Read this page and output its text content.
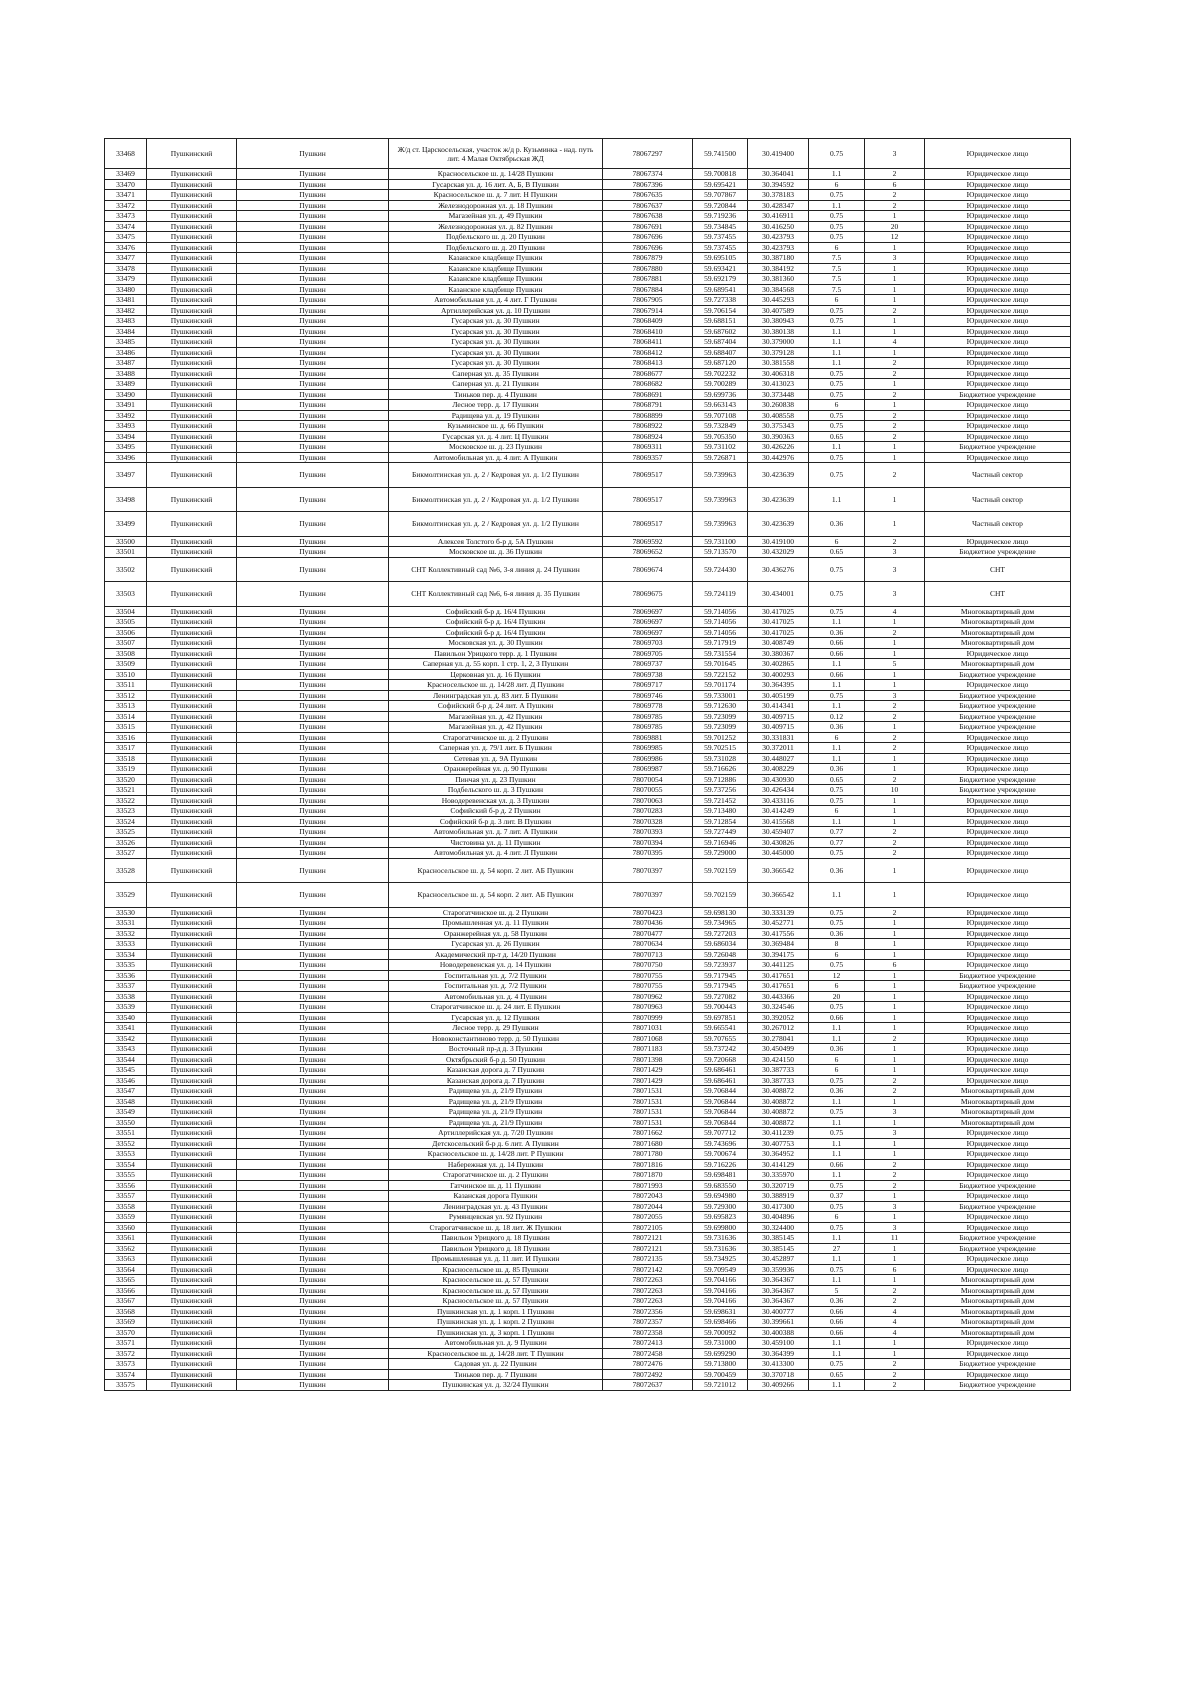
33468	Пушкинский	Пушкин	Ж/д ст. Царскосельская, участок ж/д р. Кузьминка - над. путь лит. 4 Малая Октябрьская ЖД	78067297	59.741500	30.419400	0.75	3	Юридическое лицо
33469	Пушкинский	Пушкин	Красносельское ш. д. 14/28 Пушкин	78067374	59.700818	30.364041	1.1	2	Юридическое лицо
33470	Пушкинский	Пушкин	Гусарская ул. д. 16 лит. А, Б, В Пушкин	78067396	59.695421	30.394592	6	6	Юридическое лицо
33471	Пушкинский	Пушкин	Красносельское ш. д. 7 лит. Н Пушкин	78067635	59.707867	30.378183	0.75	2	Юридическое лицо
33472	Пушкинский	Пушкин	Железнодорожная ул. д. 18 Пушкин	78067637	59.720844	30.428347	1.1	2	Юридическое лицо
33473	Пушкинский	Пушкин	Магазейная ул. д. 49 Пушкин	78067638	59.719236	30.416911	0.75	1	Юридическое лицо
33474	Пушкинский	Пушкин	Железнодорожная ул. д. 82 Пушкин	78067691	59.734845	30.416250	0.75	20	Юридическое лицо
33475	Пушкинский	Пушкин	Подбельского ш. д. 20 Пушкин	78067696	59.737455	30.423793	0.75	12	Юридическое лицо
33476	Пушкинский	Пушкин	Подбельского ш. д. 20 Пушкин	78067696	59.737455	30.423793	6	1	Юридическое лицо
33477	Пушкинский	Пушкин	Казанское кладбище Пушкин	78067879	59.695105	30.387180	7.5	3	Юридическое лицо
33478	Пушкинский	Пушкин	Казанское кладбище Пушкин	78067880	59.693421	30.384192	7.5	1	Юридическое лицо
33479	Пушкинский	Пушкин	Казанское кладбище Пушкин	78067881	59.692179	30.381360	7.5	1	Юридическое лицо
33480	Пушкинский	Пушкин	Казанское кладбище Пушкин	78067884	59.689541	30.384568	7.5	1	Юридическое лицо
33481	Пушкинский	Пушкин	Автомобильная ул. д. 4 лит. Г Пушкин	78067905	59.727338	30.445293	6	1	Юридическое лицо
33482	Пушкинский	Пушкин	Артиллерийская ул. д. 10 Пушкин	78067914	59.706154	30.407589	0.75	2	Юридическое лицо
33483	Пушкинский	Пушкин	Гусарская ул. д. 30 Пушкин	78068409	59.688151	30.380943	0.75	1	Юридическое лицо
33484	Пушкинский	Пушкин	Гусарская ул. д. 30 Пушкин	78068410	59.687602	30.380138	1.1	1	Юридическое лицо
33485	Пушкинский	Пушкин	Гусарская ул. д. 30 Пушкин	78068411	59.687404	30.379000	1.1	4	Юридическое лицо
33486	Пушкинский	Пушкин	Гусарская ул. д. 30 Пушкин	78068412	59.688407	30.379128	1.1	1	Юридическое лицо
33487	Пушкинский	Пушкин	Гусарская ул. д. 30 Пушкин	78068413	59.687120	30.381558	1.1	2	Юридическое лицо
33488	Пушкинский	Пушкин	Саперная ул. д. 35 Пушкин	78068677	59.702232	30.406318	0.75	2	Юридическое лицо
33489	Пушкинский	Пушкин	Саперная ул. д. 21 Пушкин	78068682	59.700289	30.413023	0.75	1	Юридическое лицо
33490	Пушкинский	Пушкин	Тиньков пер. д. 4 Пушкин	78068691	59.699736	30.373448	0.75	2	Бюджетное учреждение
33491	Пушкинский	Пушкин	Лесное терр. д. 17 Пушкин	78068791	59.663143	30.260838	6	1	Юридическое лицо
33492	Пушкинский	Пушкин	Радищева ул. д. 19 Пушкин	78068899	59.707108	30.408558	0.75	2	Юридическое лицо
33493	Пушкинский	Пушкин	Кузьминское ш. д. 66 Пушкин	78068922	59.732849	30.375343	0.75	2	Юридическое лицо
33494	Пушкинский	Пушкин	Гусарская ул. д. 4 лит. Ц Пушкин	78068924	59.705350	30.390363	0.65	2	Юридическое лицо
33495	Пушкинский	Пушкин	Московское ш. д. 23 Пушкин	78069311	59.731102	30.426226	1.1	1	Бюджетное учреждение
33496	Пушкинский	Пушкин	Автомобильная ул. д. 4 лит. А Пушкин	78069357	59.726871	30.442976	0.75	1	Юридическое лицо
33497	Пушкинский	Пушкин	Бикмолтинская ул. д. 2 / Кедровая ул. д. 1/2 Пушкин	78069517	59.739963	30.423639	0.75	2	Частный сектор
33498	Пушкинский	Пушкин	Бикмолтинская ул. д. 2 / Кедровая ул. д. 1/2 Пушкин	78069517	59.739963	30.423639	1.1	1	Частный сектор
33499	Пушкинский	Пушкин	Бикмолтинская ул. д. 2 / Кедровая ул. д. 1/2 Пушкин	78069517	59.739963	30.423639	0.36	1	Частный сектор
33500	Пушкинский	Пушкин	Алексея Толстого б-р д. 5А Пушкин	78069592	59.731100	30.419100	6	2	Юридическое лицо
33501	Пушкинский	Пушкин	Московское ш. д. 36 Пушкин	78069652	59.713570	30.432029	0.65	3	Бюджетное учреждение
33502	Пушкинский	Пушкин	СНТ Коллективный сад №6, 3-я линия д. 24 Пушкин	78069674	59.724430	30.436276	0.75	3	СНТ
33503	Пушкинский	Пушкин	СНТ Коллективный сад №6, 6-я линия д. 35 Пушкин	78069675	59.724119	30.434001	0.75	3	СНТ
33504	Пушкинский	Пушкин	Софийский б-р д. 16/4 Пушкин	78069697	59.714056	30.417025	0.75	4	Многоквартирный дом
33505	Пушкинский	Пушкин	Софийский б-р д. 16/4 Пушкин	78069697	59.714056	30.417025	1.1	1	Многоквартирный дом
33506	Пушкинский	Пушкин	Софийский б-р д. 16/4 Пушкин	78069697	59.714056	30.417025	0.36	2	Многоквартирный дом
33507	Пушкинский	Пушкин	Московская ул. д. 30 Пушкин	78069703	59.717919	30.408749	0.66	1	Многоквартирный дом
33508	Пушкинский	Пушкин	Павильон Урицкого терр. д. 1 Пушкин	78069705	59.731554	30.380367	0.66	1	Юридическое лицо
33509	Пушкинский	Пушкин	Саперная ул. д. 55 корп. 1 стр. 1, 2, 3 Пушкин	78069737	59.701645	30.402865	1.1	5	Многоквартирный дом
33510	Пушкинский	Пушкин	Церковная ул. д. 16 Пушкин	78069738	59.722152	30.400293	0.66	1	Бюджетное учреждение
33511	Пушкинский	Пушкин	Красносельское ш. д. 14/28 лит. Д Пушкин	78069717	59.701174	30.364395	1.1	1	Юридическое лицо
33512	Пушкинский	Пушкин	Ленинградская ул. д. 83 лит. Б Пушкин	78069746	59.733001	30.405199	0.75	3	Бюджетное учреждение
33513	Пушкинский	Пушкин	Софийский б-р д. 24 лит. А Пушкин	78069778	59.712630	30.414341	1.1	2	Бюджетное учреждение
33514	Пушкинский	Пушкин	Магазейная ул. д. 42 Пушкин	78069785	59.723099	30.409715	0.12	2	Бюджетное учреждение
33515	Пушкинский	Пушкин	Магазейная ул. д. 42 Пушкин	78069785	59.723099	30.409715	0.36	1	Бюджетное учреждение
33516	Пушкинский	Пушкин	Старогатчинское ш. д. 2 Пушкин	78069881	59.701252	30.331831	6	2	Юридическое лицо
33517	Пушкинский	Пушкин	Саперная ул. д. 79/1 лит. Б Пушкин	78069985	59.702515	30.372011	1.1	2	Юридическое лицо
33518	Пушкинский	Пушкин	Сетевая ул. д. 9А Пушкин	78069986	59.731028	30.448027	1.1	1	Юридическое лицо
33519	Пушкинский	Пушкин	Оранжерейная ул. д. 90 Пушкин	78069987	59.716626	30.408229	0.36	1	Юридическое лицо
33520	Пушкинский	Пушкин	Пинчая ул. д. 23 Пушкин	78070054	59.712886	30.430930	0.65	2	Бюджетное учреждение
33521	Пушкинский	Пушкин	Подбельского ш. д. 3 Пушкин	78070055	59.737256	30.426434	0.75	10	Бюджетное учреждение
33522	Пушкинский	Пушкин	Новодеревенская ул. д. 3 Пушкин	78070063	59.721452	30.433116	0.75	1	Юридическое лицо
33523	Пушкинский	Пушкин	Софийский б-р д. 2 Пушкин	78070283	59.713480	30.414249	6	1	Юридическое лицо
33524	Пушкинский	Пушкин	Софийский б-р д. 3 лит. В Пушкин	78070328	59.712854	30.415568	1.1	1	Юридическое лицо
33525	Пушкинский	Пушкин	Автомобильная ул. д. 7 лит. А Пушкин	78070393	59.727449	30.459407	0.77	2	Юридическое лицо
33526	Пушкинский	Пушкин	Чистовина ул. д. 11 Пушкин	78070394	59.716946	30.430826	0.77	2	Юридическое лицо
33527	Пушкинский	Пушкин	Автомобильная ул. д. 4 лит. Л Пушкин	78070395	59.729000	30.445000	0.75	2	Юридическое лицо
33528	Пушкинский	Пушкин	Красносельское ш. д. 54 корп. 2 лит. АБ Пушкин	78070397	59.702159	30.366542	0.36	1	Юридическое лицо
33529	Пушкинский	Пушкин	Красносельское ш. д. 54 корп. 2 лит. АБ Пушкин	78070397	59.702159	30.366542	1.1	1	Юридическое лицо
33530	Пушкинский	Пушкин	Старогатчинское ш. д. 2 Пушкин	78070423	59.698130	30.333139	0.75	2	Юридическое лицо
33531	Пушкинский	Пушкин	Промышленная ул. д. 11 Пушкин	78070436	59.734965	30.452771	0.75	1	Юридическое лицо
33532	Пушкинский	Пушкин	Оранжерейная ул. д. 58 Пушкин	78070477	59.727203	30.417556	0.36	1	Юридическое лицо
33533	Пушкинский	Пушкин	Гусарская ул. д. 26 Пушкин	78070634	59.686034	30.369484	8	1	Юридическое лицо
33534	Пушкинский	Пушкин	Академический пр-т д. 14/20 Пушкин	78070713	59.726048	30.394175	6	1	Юридическое лицо
33535	Пушкинский	Пушкин	Новодеревенская ул. д. 14 Пушкин	78070750	59.723937	30.441125	0.75	6	Юридическое лицо
33536	Пушкинский	Пушкин	Госпитальная ул. д. 7/2 Пушкин	78070755	59.717945	30.417651	12	1	Бюджетное учреждение
33537	Пушкинский	Пушкин	Госпитальная ул. д. 7/2 Пушкин	78070755	59.717945	30.417651	6	1	Бюджетное учреждение
33538	Пушкинский	Пушкин	Автомобильная ул. д. 4 Пушкин	78070962	59.727082	30.443366	20	1	Юридическое лицо
33539	Пушкинский	Пушкин	Старогатчинское ш. д. 24 лит. Е Пушкин	78070963	59.700443	30.324546	0.75	1	Юридическое лицо
33540	Пушкинский	Пушкин	Гусарская ул. д. 12 Пушкин	78070999	59.697851	30.392052	0.66	1	Юридическое лицо
33541	Пушкинский	Пушкин	Лесное терр. д. 29 Пушкин	78071031	59.665541	30.267012	1.1	1	Юридическое лицо
33542	Пушкинский	Пушкин	Новоконстантиново терр. д. 50 Пушкин	78071068	59.707655	30.278041	1.1	2	Юридическое лицо
33543	Пушкинский	Пушкин	Восточный пр-д д. 3 Пушкин	78071183	59.737242	30.450499	0.36	1	Юридическое лицо
33544	Пушкинский	Пушкин	Октябрьский б-р д. 50 Пушкин	78071398	59.720668	30.424150	6	1	Юридическое лицо
33545	Пушкинский	Пушкин	Казанская дорога д. 7 Пушкин	78071429	59.686461	30.387733	6	1	Юридическое лицо
33546	Пушкинский	Пушкин	Казанская дорога д. 7 Пушкин	78071429	59.686461	30.387733	0.75	2	Юридическое лицо
33547	Пушкинский	Пушкин	Радищева ул. д. 21/9 Пушкин	78071531	59.706844	30.408872	0.36	2	Многоквартирный дом
33548	Пушкинский	Пушкин	Радищева ул. д. 21/9 Пушкин	78071531	59.706844	30.408872	1.1	1	Многоквартирный дом
33549	Пушкинский	Пушкин	Радищева ул. д. 21/9 Пушкин	78071531	59.706844	30.408872	0.75	3	Многоквартирный дом
33550	Пушкинский	Пушкин	Радищева ул. д. 21/9 Пушкин	78071531	59.706844	30.408872	1.1	1	Многоквартирный дом
33551	Пушкинский	Пушкин	Артиллерийская ул. д. 7/20 Пушкин	78071662	59.707712	30.411239	0.75	3	Юридическое лицо
33552	Пушкинский	Пушкин	Детскосельский б-р д. 6 лит. А Пушкин	78071680	59.743696	30.407753	1.1	1	Юридическое лицо
33553	Пушкинский	Пушкин	Красносельское ш. д. 14/28 лит. Р Пушкин	78071780	59.700674	30.364952	1.1	1	Юридическое лицо
33554	Пушкинский	Пушкин	Набережная ул. д. 14 Пушкин	78071816	59.716226	30.414129	0.66	2	Юридическое лицо
33555	Пушкинский	Пушкин	Старогатчинское ш. д. 2 Пушкин	78071870	59.698481	30.335970	1.1	2	Юридическое лицо
33556	Пушкинский	Пушкин	Гатчинское ш. д. 11 Пушкин	78071993	59.683550	30.320719	0.75	2	Бюджетное учреждение
33557	Пушкинский	Пушкин	Казанская дорога Пушкин	78072043	59.694980	30.388919	0.37	1	Юридическое лицо
33558	Пушкинский	Пушкин	Ленинградская ул. д. 43 Пушкин	78072044	59.729300	30.417300	0.75	3	Бюджетное учреждение
33559	Пушкинский	Пушкин	Румянцевская ул. 92 Пушкин	78072055	59.695823	30.404896	6	1	Юридическое лицо
33560	Пушкинский	Пушкин	Старогатчинское ш. д. 18 лит. Ж Пушкин	78072105	59.699800	30.324400	0.75	3	Юридическое лицо
33561	Пушкинский	Пушкин	Павильон Урицкого д. 18 Пушкин	78072121	59.731636	30.385145	1.1	11	Бюджетное учреждение
33562	Пушкинский	Пушкин	Павильон Урицкого д. 18 Пушкин	78072121	59.731636	30.385145	27	1	Бюджетное учреждение
33563	Пушкинский	Пушкин	Промышленная ул. д. 11 лит. И Пушкин	78072135	59.734925	30.452897	1.1	1	Юридическое лицо
33564	Пушкинский	Пушкин	Красносельское ш. д. 85 Пушкин	78072142	59.709549	30.359936	0.75	6	Юридическое лицо
33565	Пушкинский	Пушкин	Красносельское ш. д. 57 Пушкин	78072263	59.704166	30.364367	1.1	1	Многоквартирный дом
33566	Пушкинский	Пушкин	Красносельское ш. д. 57 Пушкин	78072263	59.704166	30.364367	5	2	Многоквартирный дом
33567	Пушкинский	Пушкин	Красносельское ш. д. 57 Пушкин	78072263	59.704166	30.364367	0.36	2	Многоквартирный дом
33568	Пушкинский	Пушкин	Пушкинская ул. д. 1 корп. 1 Пушкин	78072356	59.698631	30.400777	0.66	4	Многоквартирный дом
33569	Пушкинский	Пушкин	Пушкинская ул. д. 1 корп. 2 Пушкин	78072357	59.698466	30.399661	0.66	4	Многоквартирный дом
33570	Пушкинский	Пушкин	Пушкинская ул. д. 3 корп. 1 Пушкин	78072358	59.700092	30.400388	0.66	4	Многоквартирный дом
33571	Пушкинский	Пушкин	Автомобильная ул. д. 9 Пушкин	78072413	59.731000	30.459100	1.1	1	Юридическое лицо
33572	Пушкинский	Пушкин	Красносельское ш. д. 14/28 лит. Т Пушкин	78072458	59.699290	30.364399	1.1	1	Юридическое лицо
33573	Пушкинский	Пушкин	Садовая ул. д. 22 Пушкин	78072476	59.713800	30.413300	0.75	2	Бюджетное учреждение
33574	Пушкинский	Пушкин	Тиньков пер. д. 7 Пушкин	78072492	59.700459	30.370718	0.65	2	Юридическое лицо
33575	Пушкинский	Пушкин	Пушкинская ул. д. 32/24 Пушкин	78072637	59.721012	30.409266	1.1	2	Бюджетное учреждение
